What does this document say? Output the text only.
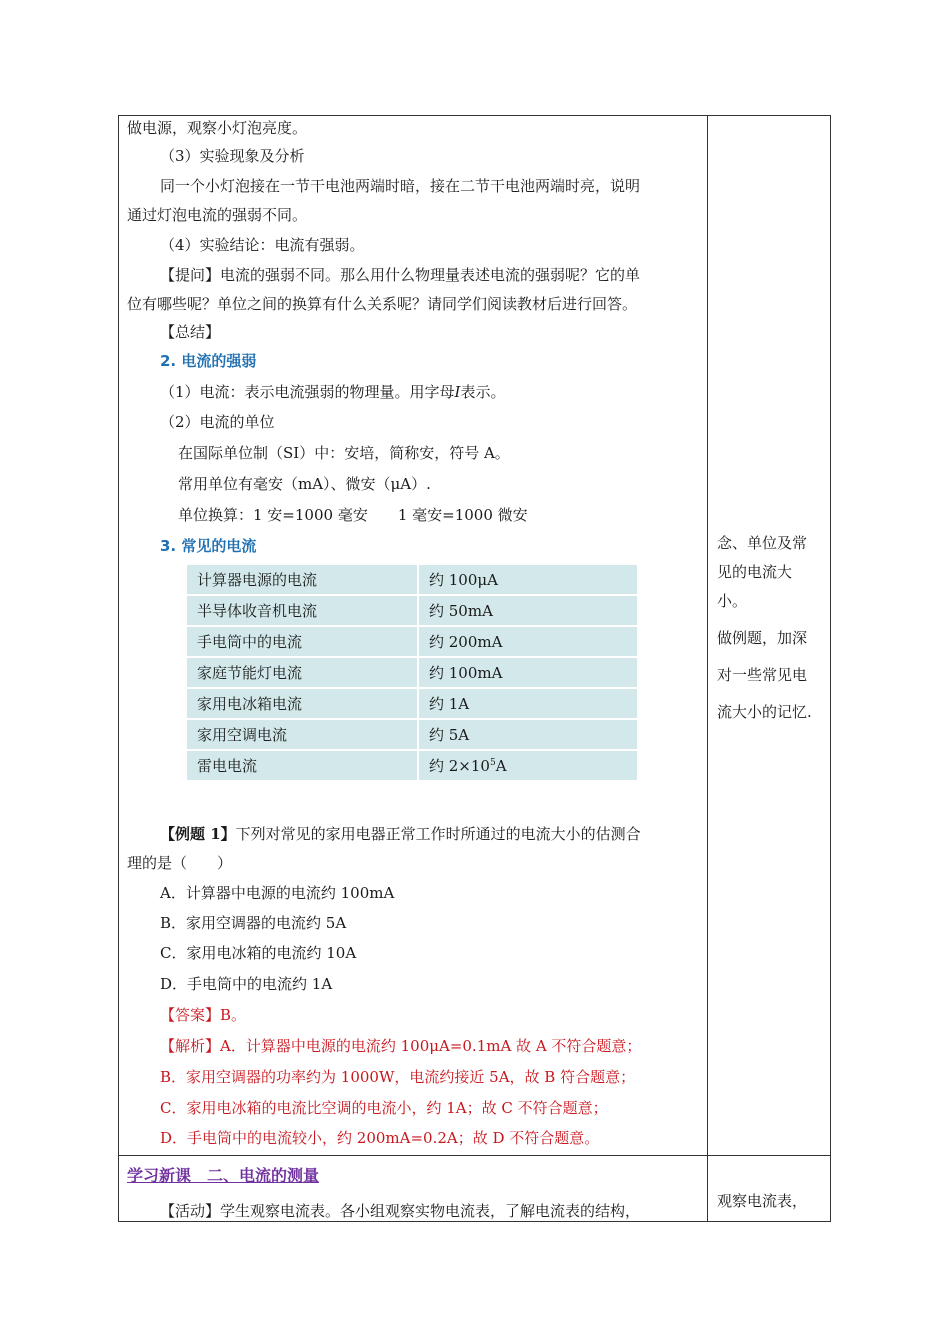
做电源，观察小灯泡亮度。
（3）实验现象及分析
同一个小灯泡接在一节干电池两端时暗，接在二节干电池两端时亮，说明
通过灯泡电流的强弱不同。
（4）实验结论：电流有强弱。
【提问】电流的强弱不同。那么用什么物理量表述电流的强弱呢？它的单
位有哪些呢？单位之间的换算有什么关系呢？请同学们阅读教材后进行回答。
【总结】
2. 电流的强弱
（1）电流：表示电流强弱的物理量。用字母I表示。
（2）电流的单位
在国际单位制（SI）中：安培，简称安，符号 A。
常用单位有毫安（mA）、微安（μA）.
单位换算：1 安=1000 毫安　　1 毫安=1000 微安
3. 常见的电流
计算器电源的电流	约 100μA
半导体收音机电流	约 50mA
手电筒中的电流	约 200mA
家庭节能灯电流	约 100mA
家用电冰箱电流	约 1A
家用空调电流	约 5A
雷电电流	约 $2\times 10^5A$
【例题 1】下列对常见的家用电器正常工作时所通过的电流大小的估测合
理的是（　　）
A．计算器中电源的电流约 100mA
B．家用空调器的电流约 5A
C．家用电冰箱的电流约 10A
D．手电筒中的电流约 1A
【答案】B。
【解析】A．计算器中电源的电流约 100μA=0.1mA 故 A 不符合题意；
B．家用空调器的功率约为 1000W，电流约接近 5A，故 B 符合题意；
C．家用电冰箱的电流比空调的电流小，约 1A；故 C 不符合题意；
D．手电筒中的电流较小，约 200mA=0.2A；故 D 不符合题意。
学习新课　二、电流的测量
【活动】学生观察电流表。各小组观察实物电流表，了解电流表的结构，
念、单位及常
见的电流大
小。
做例题，加深
对一些常见电
流大小的记忆.
观察电流表，
